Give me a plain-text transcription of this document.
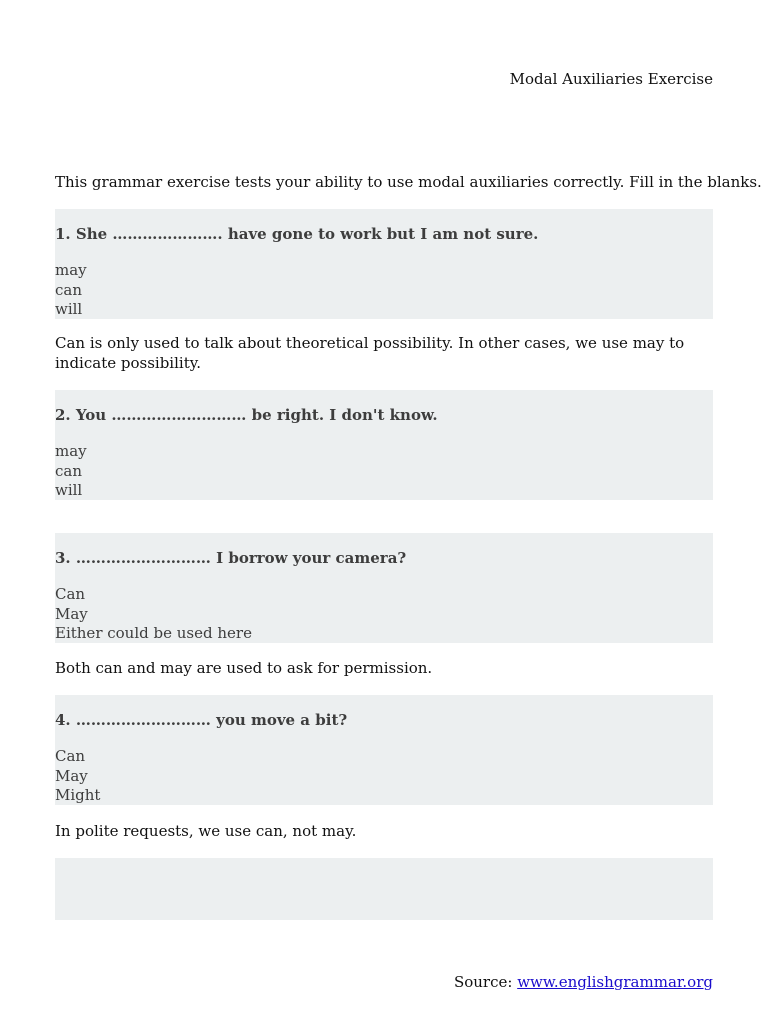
Modal Auxiliaries Exercise
This grammar exercise tests your ability to use modal auxiliaries correctly. Fill in the blanks.
1. She …………………. have gone to work but I am not sure.
may
can
will
Can is only used to talk about theoretical possibility. In other cases, we use may to indicate possibility.
2. You ……………………… be right. I don't know.
may
can
will
3. ……………………… I borrow your camera?
Can
May
Either could be used here
Both can and may are used to ask for permission.
4. ……………………… you move a bit?
Can
May
Might
In polite requests, we use can, not may.
Source: www.englishgrammar.org
